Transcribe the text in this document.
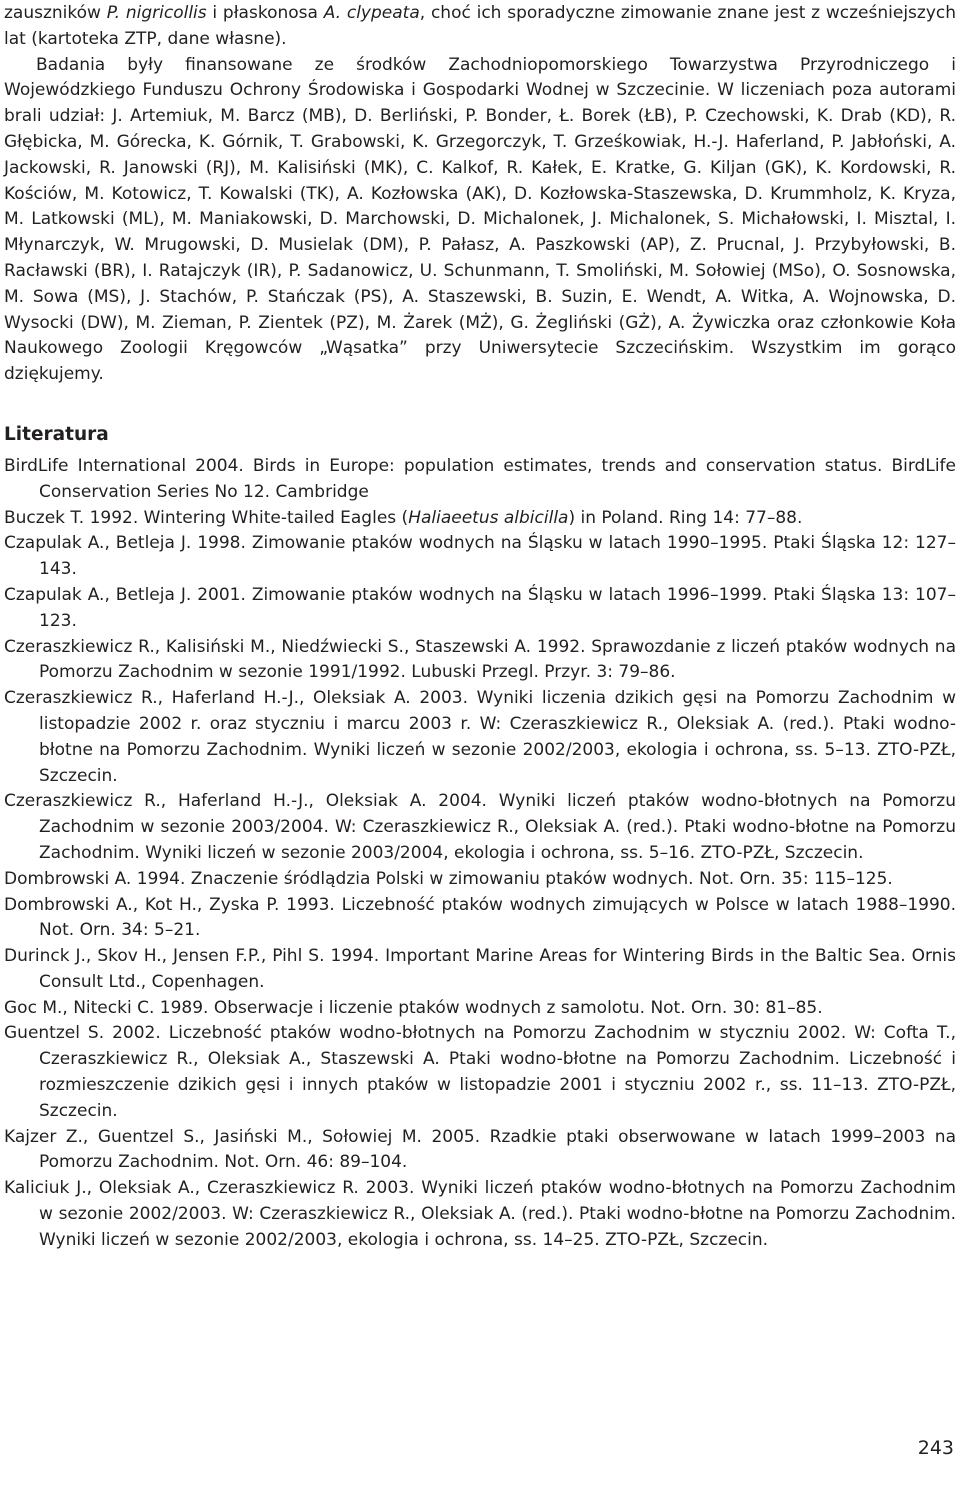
zauszników P. nigricollis i płaskonosa A. clypeata, choć ich sporadyczne zimowanie znane jest z wcześniejszych lat (kartoteka ZTP, dane własne).

Badania były finansowane ze środków Zachodniopomorskiego Towarzystwa Przyrodniczego i Wojewódzkiego Funduszu Ochrony Środowiska i Gospodarki Wodnej w Szczecinie. W liczeniach poza autorami brali udział: J. Artemiuk, M. Barcz (MB), D. Berliński, P. Bonder, Ł. Borek (ŁB), P. Czechowski, K. Drab (KD), R. Głębicka, M. Górecka, K. Górnik, T. Grabowski, K. Grzegorczyk, T. Grześkowiak, H.-J. Haferland, P. Jabłoński, A. Jackowski, R. Janowski (RJ), M. Kalisiński (MK), C. Kalkof, R. Kałek, E. Kratke, G. Kiljan (GK), K. Kordowski, R. Kościów, M. Kotowicz, T. Kowalski (TK), A. Kozłowska (AK), D. Kozłowska-Staszewska, D. Krummholz, K. Kryza, M. Latkowski (ML), M. Maniakowski, D. Marchowski, D. Michalonek, J. Michalonek, S. Michałowski, I. Misztal, I. Młynarczyk, W. Mrugowski, D. Musielak (DM), P. Pałasz, A. Paszkowski (AP), Z. Prucnal, J. Przybyłowski, B. Racławski (BR), I. Ratajczyk (IR), P. Sadanowicz, U. Schunmann, T. Smoliński, M. Sołowiej (MSo), O. Sosnowska, M. Sowa (MS), J. Stachów, P. Stańczak (PS), A. Staszewski, B. Suzin, E. Wendt, A. Witka, A. Wojnowska, D. Wysocki (DW), M. Zieman, P. Zientek (PZ), M. Żarek (MŻ), G. Żegliński (GŻ), A. Żywiczka oraz członkowie Koła Naukowego Zoologii Kręgowców „Wąsatka” przy Uniwersytecie Szczecińskim. Wszystkim im gorąco dziękujemy.

Literatura
BirdLife International 2004. Birds in Europe: population estimates, trends and conservation status. BirdLife Conservation Series No 12. Cambridge
Buczek T. 1992. Wintering White-tailed Eagles (Haliaeetus albicilla) in Poland. Ring 14: 77–88.
Czapulak A., Betleja J. 1998. Zimowanie ptaków wodnych na Śląsku w latach 1990–1995. Ptaki Śląska 12: 127–143.
Czapulak A., Betleja J. 2001. Zimowanie ptaków wodnych na Śląsku w latach 1996–1999. Ptaki Śląska 13: 107–123.
Czeraszkiewicz R., Kalisiński M., Niedźwiecki S., Staszewski A. 1992. Sprawozdanie z liczeń ptaków wodnych na Pomorzu Zachodnim w sezonie 1991/1992. Lubuski Przegl. Przyr. 3: 79–86.
Czeraszkiewicz R., Haferland H.-J., Oleksiak A. 2003. Wyniki liczenia dzikich gęsi na Pomorzu Zachodnim w listopadzie 2002 r. oraz styczniu i marcu 2003 r. W: Czeraszkiewicz R., Oleksiak A. (red.). Ptaki wodno-błotne na Pomorzu Zachodnim. Wyniki liczeń w sezonie 2002/2003, ekologia i ochrona, ss. 5–13. ZTO-PZŁ, Szczecin.
Czeraszkiewicz R., Haferland H.-J., Oleksiak A. 2004. Wyniki liczeń ptaków wodno-błotnych na Pomorzu Zachodnim w sezonie 2003/2004. W: Czeraszkiewicz R., Oleksiak A. (red.). Ptaki wodno-błotne na Pomorzu Zachodnim. Wyniki liczeń w sezonie 2003/2004, ekologia i ochrona, ss. 5–16. ZTO-PZŁ, Szczecin.
Dombrowski A. 1994. Znaczenie śródlądzia Polski w zimowaniu ptaków wodnych. Not. Orn. 35: 115–125.
Dombrowski A., Kot H., Zyska P. 1993. Liczebność ptaków wodnych zimujących w Polsce w latach 1988–1990. Not. Orn. 34: 5–21.
Durinck J., Skov H., Jensen F.P., Pihl S. 1994. Important Marine Areas for Wintering Birds in the Baltic Sea. Ornis Consult Ltd., Copenhagen.
Goc M., Nitecki C. 1989. Obserwacje i liczenie ptaków wodnych z samolotu. Not. Orn. 30: 81–85.
Guentzel S. 2002. Liczebność ptaków wodno-błotnych na Pomorzu Zachodnim w styczniu 2002. W: Cofta T., Czeraszkiewicz R., Oleksiak A., Staszewski A. Ptaki wodno-błotne na Pomorzu Zachodnim. Liczebność i rozmieszczenie dzikich gęsi i innych ptaków w listopadzie 2001 i styczniu 2002 r., ss. 11–13. ZTO-PZŁ, Szczecin.
Kajzer Z., Guentzel S., Jasiński M., Sołowiej M. 2005. Rzadkie ptaki obserwowane w latach 1999–2003 na Pomorzu Zachodnim. Not. Orn. 46: 89–104.
Kaliciuk J., Oleksiak A., Czeraszkiewicz R. 2003. Wyniki liczeń ptaków wodno-błotnych na Pomorzu Zachodnim w sezonie 2002/2003. W: Czeraszkiewicz R., Oleksiak A. (red.). Ptaki wodno-błotne na Pomorzu Zachodnim. Wyniki liczeń w sezonie 2002/2003, ekologia i ochrona, ss. 14–25. ZTO-PZŁ, Szczecin.
243
